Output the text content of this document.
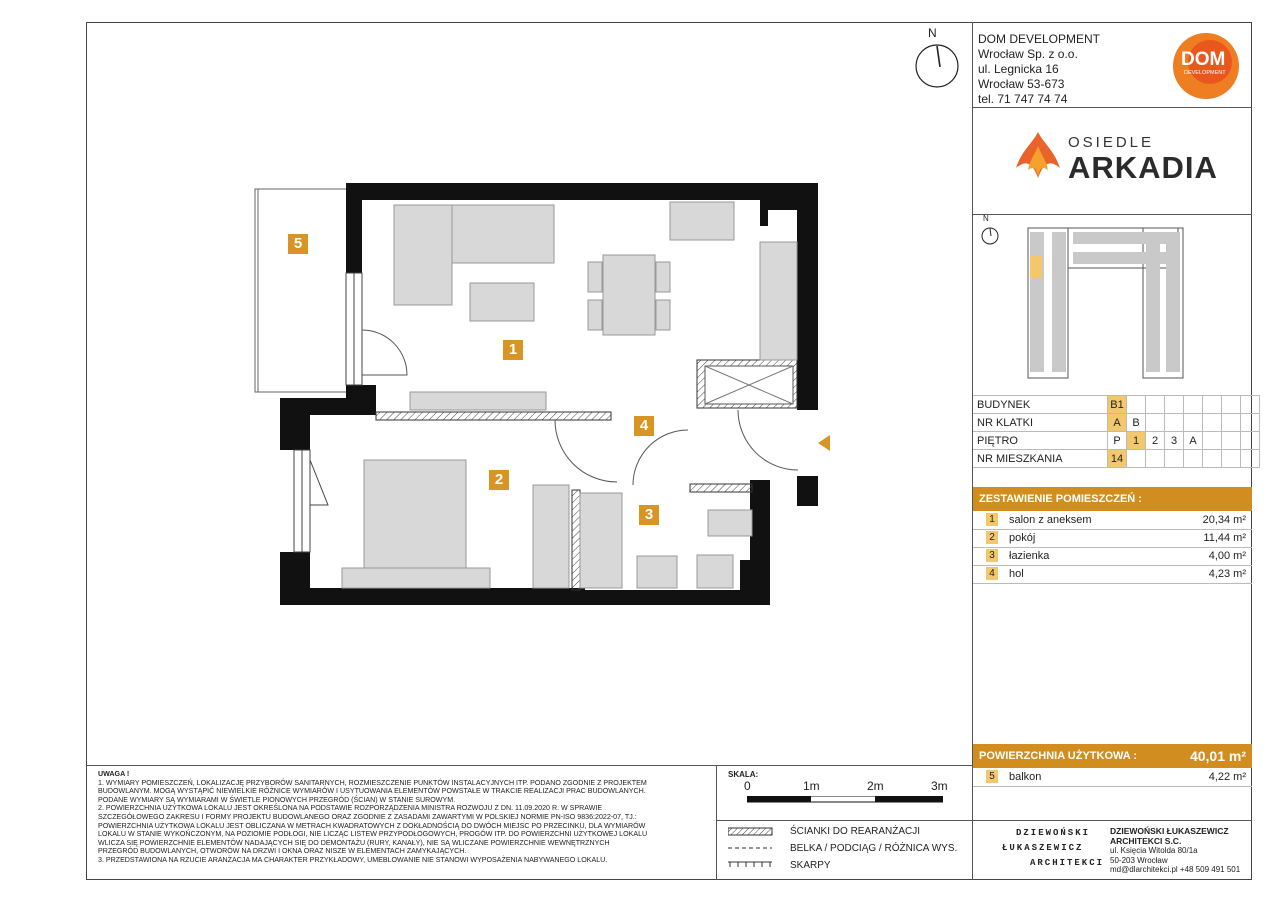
N
1
2
3
4
5
DOM DEVELOPMENT
Wrocław Sp. z o.o.
ul. Legnicka 16
Wrocław 53-673
tel. 71 747 74 74
DOM
DEVELOPMENT
OSIEDLE
ARKADIA
N
BUDYNEK	B1							
NR KLATKI	A	B						
PIĘTRO	P	1	2	3	A			
NR MIESZKANIA	14							
ZESTAWIENIE POMIESZCZEŃ :
1 salon z aneksem	20,34 m²
2 pokój	11,44 m²
3 łazienka	4,00 m²
4 hol	4,23 m²
POWIERZCHNIA UŻYTKOWA :	40,01 m²
5 balkon	4,22 m²
UWAGA !
1. WYMIARY POMIESZCZEŃ, LOKALIZACJĘ PRZYBORÓW SANITARNYCH, ROZMIESZCZENIE PUNKTÓW INSTALACYJNYCH ITP. PODANO ZGODNIE Z PROJEKTEM
BUDOWLANYM. MOGĄ WYSTĄPIĆ NIEWIELKIE RÓŻNICE WYMIARÓW I USYTUOWANIA ELEMENTÓW POWSTAŁE W TRAKCIE REALIZACJI PRAC BUDOWLANYCH.
PODANE WYMIARY SĄ WYMIARAMI W ŚWIETLE PIONOWYCH PRZEGRÓD (ŚCIAN) W STANIE SUROWYM.
2. POWIERZCHNIA UŻYTKOWA LOKALU JEST OKREŚLONA NA PODSTAWIE ROZPORZĄDZENIA MINISTRA ROZWOJU Z DN. 11.09.2020 R. W SPRAWIE
SZCZEGÓŁOWEGO ZAKRESU I FORMY PROJEKTU BUDOWLANEGO ORAZ ZGODNIE Z ZASADAMI ZAWARTYMI W POLSKIEJ NORMIE PN-ISO 9836:2022-07, TJ.:
POWIERZCHNIA UŻYTKOWA LOKALU JEST OBLICZANA W METRACH KWADRATOWYCH Z DOKŁADNOŚCIĄ DO DWÓCH MIEJSC PO PRZECINKU, DLA WYMIARÓW
LOKALU W STANIE WYKOŃCZONYM, NA POZIOMIE PODŁOGI, NIE LICZĄC LISTEW PRZYPODŁOGOWYCH, PROGÓW ITP. DO POWIERZCHNI UŻYTKOWEJ LOKALU
WLICZA SIĘ POWIERZCHNIE ELEMENTÓW NADAJĄCYCH SIĘ DO DEMONTAŻU (RURY, KANAŁY), NIE SĄ WLICZANE POWIERZCHNIE WEWNĘTRZNYCH
PRZEGRÓD BUDOWLANYCH, OTWORÓW NA DRZWI I OKNA ORAZ NISZE W ELEMENTACH ZAMYKAJĄCYCH.
3. PRZEDSTAWIONA NA RZUCIE ARANŻACJA MA CHARAKTER PRZYKŁADOWY, UMEBLOWANIE NIE STANOWI WYPOSAŻENIA NABYWANEGO LOKALU.
SKALA:
0	1m	2m	3m
ŚCIANKI DO REARANŻACJI
BELKA / PODCIĄG / RÓŻNICA WYS.
SKARPY
DZIEWOŃSKI
ŁUKASZEWICZ
ARCHITEKCI
DZIEWOŃSKI ŁUKASZEWICZ
ARCHITEKCI S.C.
ul. Księcia Witolda 80/1a
50-203 Wrocław
md@dlarchitekci.pl +48 509 491 501
